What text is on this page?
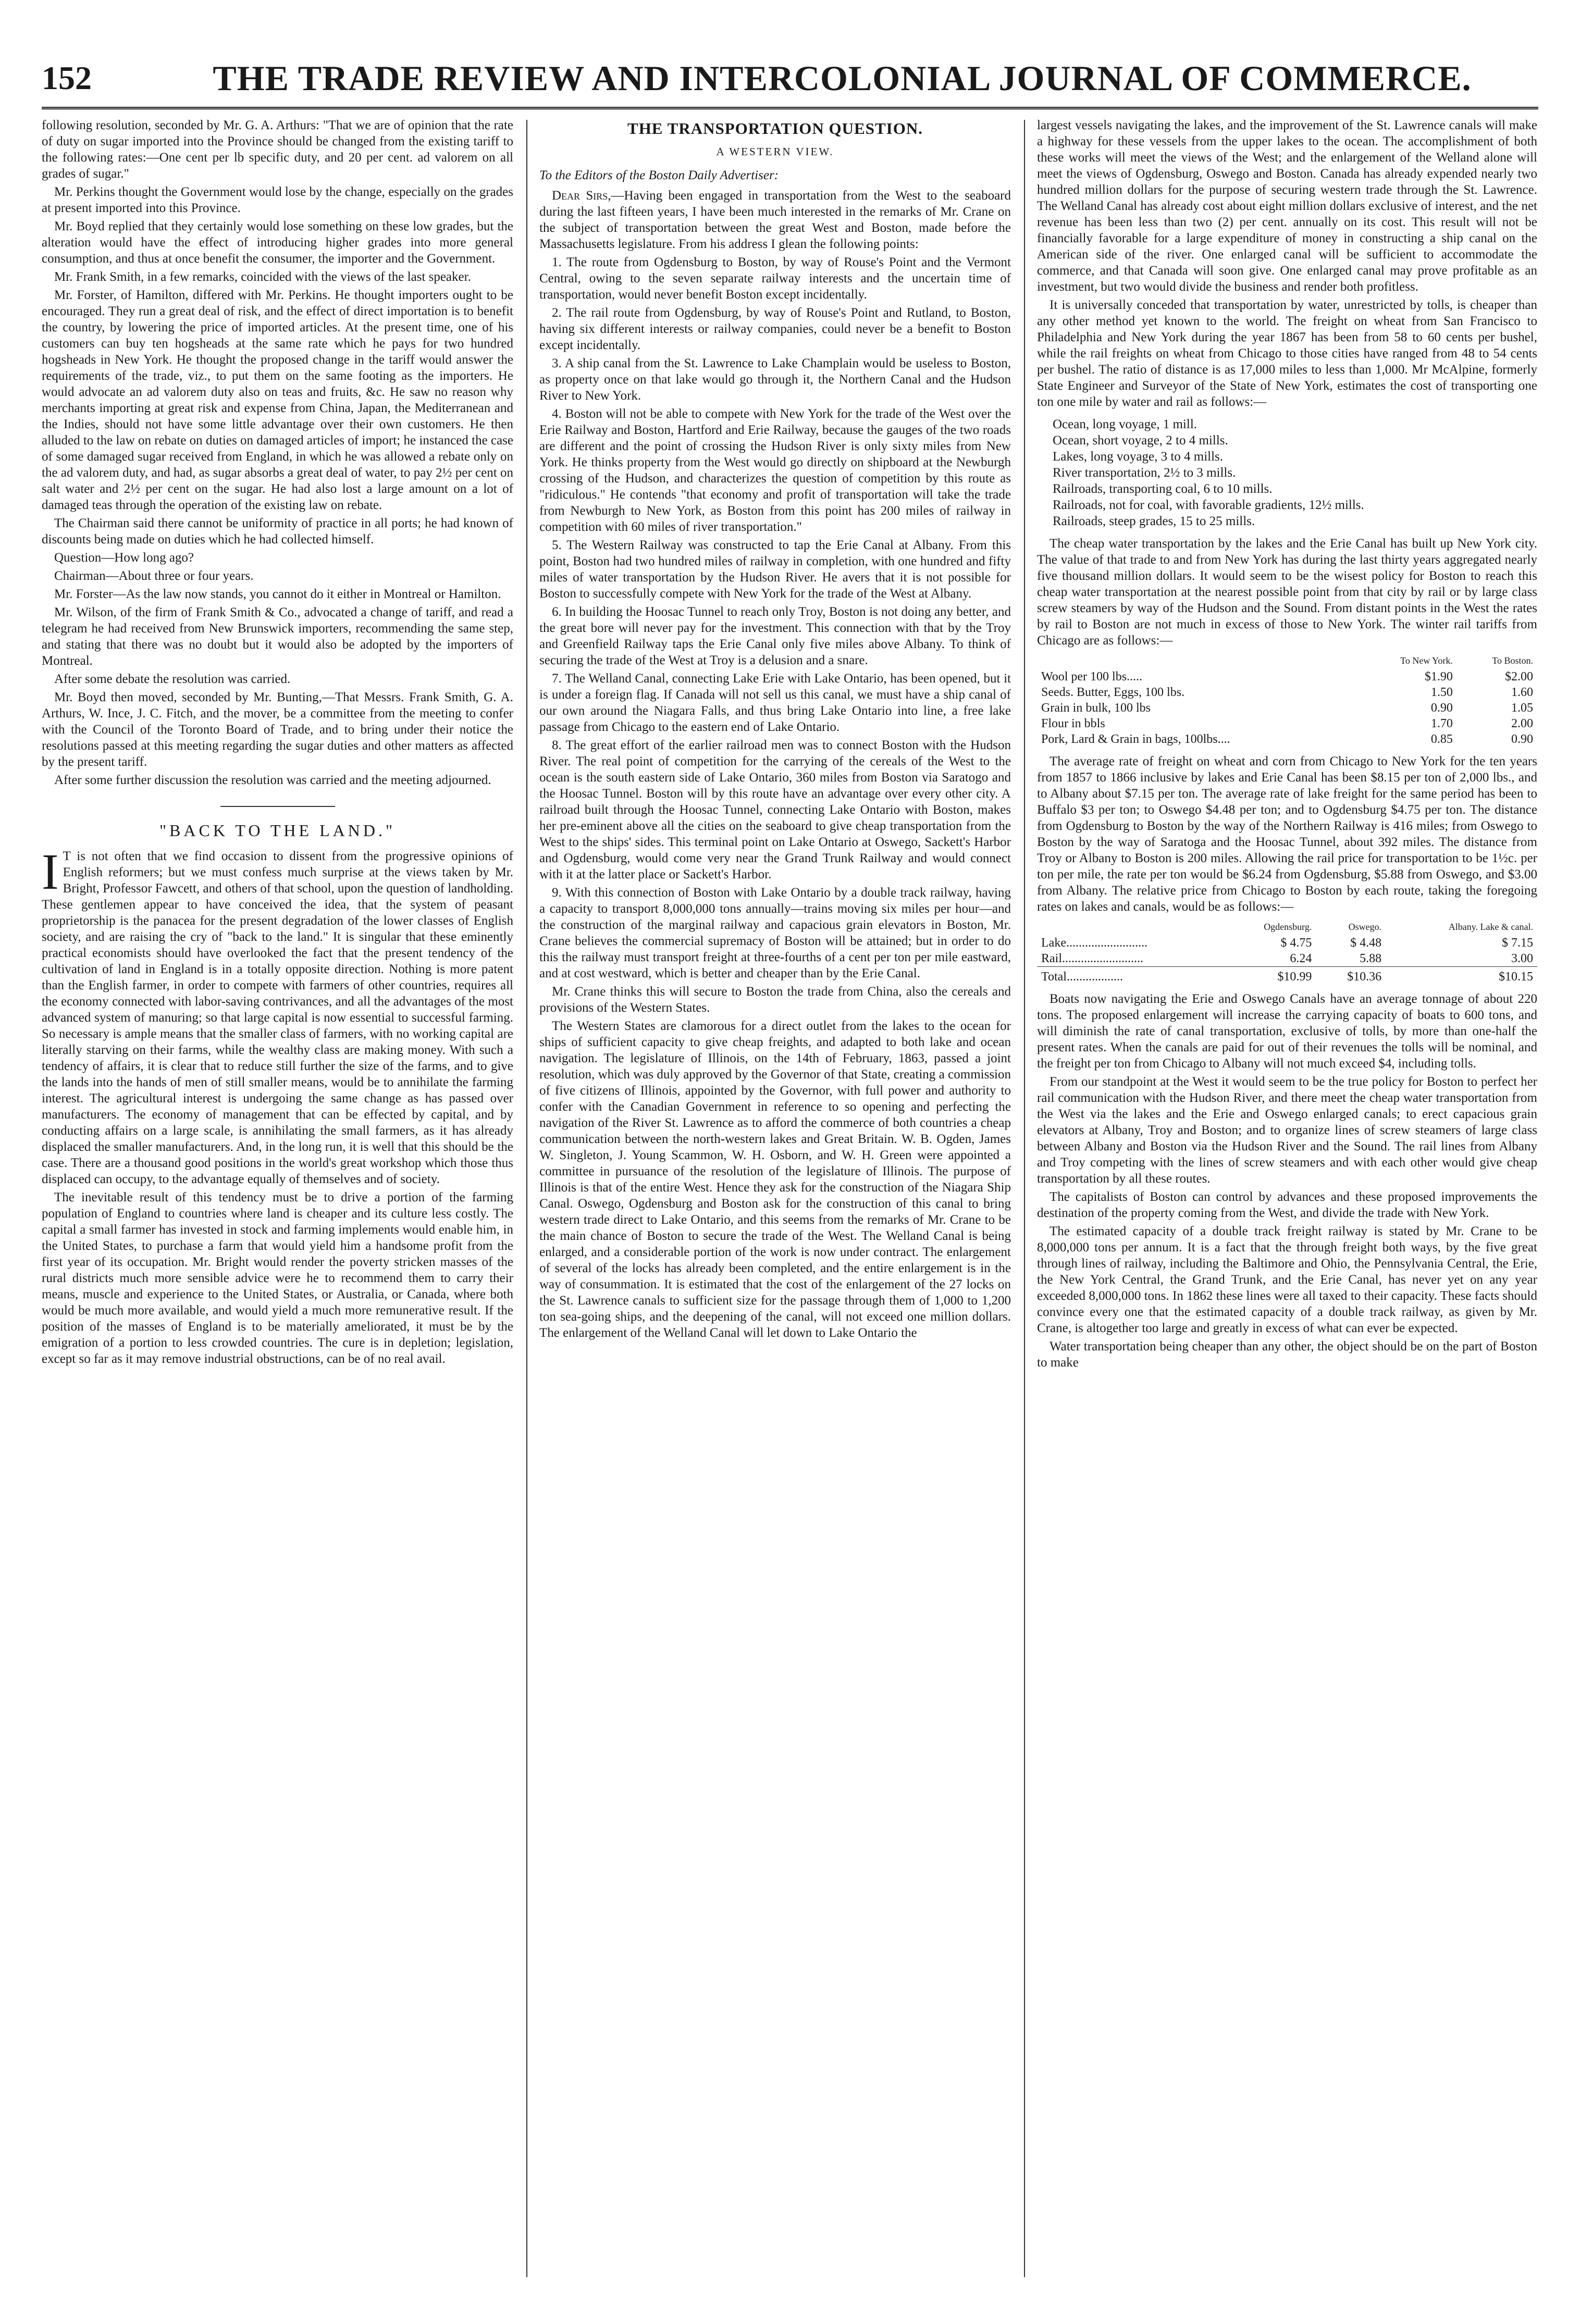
152	THE TRADE REVIEW AND INTERCOLONIAL JOURNAL OF COMMERCE.

following resolution, seconded by Mr. G. A. Arthurs: "That we are of opinion that the rate of duty on sugar imported into the Province should be changed from the existing tariff to the following rates:—One cent per lb specific duty, and 20 per cent. ad valorem on all grades of sugar."

Mr. Perkins thought the Government would lose by the change, especially on the grades at present imported into this Province.

Mr. Boyd replied that they certainly would lose something on these low grades, but the alteration would have the effect of introducing higher grades into more general consumption, and thus at once benefit the consumer, the importer and the Government.

Mr. Frank Smith, in a few remarks, coincided with the views of the last speaker.

Mr. Forster, of Hamilton, differed with Mr. Perkins. He thought importers ought to be encouraged. They run a great deal of risk, and the effect of direct importation is to benefit the country, by lowering the price of imported articles. At the present time, one of his customers can buy ten hogsheads at the same rate which he pays for two hundred hogsheads in New York. He thought the proposed change in the tariff would answer the requirements of the trade, viz., to put them on the same footing as the importers. He would advocate an ad valorem duty also on teas and fruits, &c. He saw no reason why merchants importing at great risk and expense from China, Japan, the Mediterranean and the Indies, should not have some little advantage over their own customers. He then alluded to the law on rebate on duties on damaged articles of import; he instanced the case of some damaged sugar received from England, in which he was allowed a rebate only on the ad valorem duty, and had, as sugar absorbs a great deal of water, to pay 2½ per cent on salt water and 2½ per cent on the sugar. He had also lost a large amount on a lot of damaged teas through the operation of the existing law on rebate.

The Chairman said there cannot be uniformity of practice in all ports; he had known of discounts being made on duties which he had collected himself.

Question—How long ago?

Chairman—About three or four years.

Mr. Forster—As the law now stands, you cannot do it either in Montreal or Hamilton.

Mr. Wilson, of the firm of Frank Smith & Co., advocated a change of tariff, and read a telegram he had received from New Brunswick importers, recommending the same step, and stating that there was no doubt but it would also be adopted by the importers of Montreal.

After some debate the resolution was carried.

Mr. Boyd then moved, seconded by Mr. Bunting,—That Messrs. Frank Smith, G. A. Arthurs, W. Ince, J. C. Fitch, and the mover, be a committee from the meeting to confer with the Council of the Toronto Board of Trade, and to bring under their notice the resolutions passed at this meeting regarding the sugar duties and other matters as affected by the present tariff.

After some further discussion the resolution was carried and the meeting adjourned.

"BACK TO THE LAND."

I T is not often that we find occasion to dissent from the progressive opinions of English reformers; but we must confess much surprise at the views taken by Mr. Bright, Professor Fawcett, and others of that school, upon the question of landholding. These gentlemen appear to have conceived the idea, that the system of peasant proprietorship is the panacea for the present degradation of the lower classes of English society, and are raising the cry of "back to the land." It is singular that these eminently practical economists should have overlooked the fact that the present tendency of the cultivation of land in England is in a totally opposite direction. Nothing is more patent than the English farmer, in order to compete with farmers of other countries, requires all the economy connected with labor-saving contrivances, and all the advantages of the most advanced system of manuring; so that large capital is now essential to successful farming. So necessary is ample means that the smaller class of farmers, with no working capital are literally starving on their farms, while the wealthy class are making money. With such a tendency of affairs, it is clear that to reduce still further the size of the farms, and to give the lands into the hands of men of still smaller means, would be to annihilate the farming interest. The agricultural interest is undergoing the same change as has passed over manufacturers. The economy of management that can be effected by capital, and by conducting affairs on a large scale, is annihilating the small farmers, as it has already displaced the smaller manufacturers. And, in the long run, it is well that this should be the case. There are a thousand good positions in the world's great workshop which those thus displaced can occupy, to the advantage equally of themselves and of society.

The inevitable result of this tendency must be to drive a portion of the farming population of England to countries where land is cheaper and its culture less costly. The capital a small farmer has invested in stock and farming implements would enable him, in the United States, to purchase a farm that would yield him a handsome profit from the first year of its occupation. Mr. Bright would render the poverty stricken masses of the rural districts much more sensible advice were he to recommend them to carry their means, muscle and experience to the United States, or Australia, or Canada, where both would be much more available, and would yield a much more remunerative result. If the position of the masses of England is to be materially ameliorated, it must be by the emigration of a portion to less crowded countries. The cure is in depletion; legislation, except so far as it may remove industrial obstructions, can be of no real avail.

THE TRANSPORTATION QUESTION.
A WESTERN VIEW.
To the Editors of the Boston Daily Advertiser:

Dear Sirs,—Having been engaged in transportation from the West to the seaboard during the last fifteen years, I have been much interested in the remarks of Mr. Crane on the subject of transportation between the great West and Boston, made before the Massachusetts legislature. From his address I glean the following points:

1. The route from Ogdensburg to Boston, by way of Rouse's Point and the Vermont Central, owing to the seven separate railway interests and the uncertain time of transportation, would never benefit Boston except incidentally.

2. The rail route from Ogdensburg, by way of Rouse's Point and Rutland, to Boston, having six different interests or railway companies, could never be a benefit to Boston except incidentally.

3. A ship canal from the St. Lawrence to Lake Champlain would be useless to Boston, as property once on that lake would go through it, the Northern Canal and the Hudson River to New York.

4. Boston will not be able to compete with New York for the trade of the West over the Erie Railway and Boston, Hartford and Erie Railway, because the gauges of the two roads are different and the point of crossing the Hudson River is only sixty miles from New York. He thinks property from the West would go directly on shipboard at the Newburgh crossing of the Hudson, and characterizes the question of competition by this route as "ridiculous." He contends "that economy and profit of transportation will take the trade from Newburgh to New York, as Boston from this point has 200 miles of railway in competition with 60 miles of river transportation."

5. The Western Railway was constructed to tap the Erie Canal at Albany. From this point, Boston had two hundred miles of railway in completion, with one hundred and fifty miles of water transportation by the Hudson River. He avers that it is not possible for Boston to successfully compete with New York for the trade of the West at Albany.

6. In building the Hoosac Tunnel to reach only Troy, Boston is not doing any better, and the great bore will never pay for the investment. This connection with that by the Troy and Greenfield Railway taps the Erie Canal only five miles above Albany. To think of securing the trade of the West at Troy is a delusion and a snare.

7. The Welland Canal, connecting Lake Erie with Lake Ontario, has been opened, but it is under a foreign flag. If Canada will not sell us this canal, we must have a ship canal of our own around the Niagara Falls, and thus bring Lake Ontario into line, a free lake passage from Chicago to the eastern end of Lake Ontario.

8. The great effort of the earlier railroad men was to connect Boston with the Hudson River. The real point of competition for the carrying of the cereals of the West to the ocean is the south eastern side of Lake Ontario, 360 miles from Boston via Saratogo and the Hoosac Tunnel. Boston will by this route have an advantage over every other city. A railroad built through the Hoosac Tunnel, connecting Lake Ontario with Boston, makes her pre-eminent above all the cities on the seaboard to give cheap transportation from the West to the ships' sides. This terminal point on Lake Ontario at Oswego, Sackett's Harbor and Ogdensburg, would come very near the Grand Trunk Railway and would connect with it at the latter place or Sackett's Harbor.

9. With this connection of Boston with Lake Ontario by a double track railway, having a capacity to transport 8,000,000 tons annually—trains moving six miles per hour—and the construction of the marginal railway and capacious grain elevators in Boston, Mr. Crane believes the commercial supremacy of Boston will be attained; but in order to do this the railway must transport freight at three-fourths of a cent per ton per mile eastward, and at cost westward, which is better and cheaper than by the Erie Canal.

Mr. Crane thinks this will secure to Boston the trade from China, also the cereals and provisions of the Western States.

The Western States are clamorous for a direct outlet from the lakes to the ocean for ships of sufficient capacity to give cheap freights, and adapted to both lake and ocean navigation. The legislature of Illinois, on the 14th of February, 1863, passed a joint resolution, which was duly approved by the Governor of that State, creating a commission of five citizens of Illinois, appointed by the Governor, with full power and authority to confer with the Canadian Government in reference to so opening and perfecting the navigation of the River St. Lawrence as to afford the commerce of both countries a cheap communication between the north-western lakes and Great Britain. W. B. Ogden, James W. Singleton, J. Young Scammon, W. H. Osborn, and W. H. Green were appointed a committee in pursuance of the resolution of the legislature of Illinois. The purpose of Illinois is that of the entire West. Hence they ask for the construction of the Niagara Ship Canal. Oswego, Ogdensburg and Boston ask for the construction of this canal to bring western trade direct to Lake Ontario, and this seems from the remarks of Mr. Crane to be the main chance of Boston to secure the trade of the West. The Welland Canal is being enlarged, and a considerable portion of the work is now under contract. The enlargement of several of the locks has already been completed, and the entire enlargement is in the way of consummation. It is estimated that the cost of the enlargement of the 27 locks on the St. Lawrence canals to sufficient size for the passage through them of 1,000 to 1,200 ton sea-going ships, and the deepening of the canal, will not exceed one million dollars. The enlargement of the Welland Canal will let down to Lake Ontario the

largest vessels navigating the lakes, and the improvement of the St. Lawrence canals will make a highway for these vessels from the upper lakes to the ocean. The accomplishment of both these works will meet the views of the West; and the enlargement of the Welland alone will meet the views of Ogdensburg, Oswego and Boston. Canada has already expended nearly two hundred million dollars for the purpose of securing western trade through the St. Lawrence. The Welland Canal has already cost about eight million dollars exclusive of interest, and the net revenue has been less than two (2) per cent. annually on its cost. This result will not be financially favorable for a large expenditure of money in constructing a ship canal on the American side of the river. One enlarged canal will be sufficient to accommodate the commerce, and that Canada will soon give. One enlarged canal may prove profitable as an investment, but two would divide the business and render both profitless.

It is universally conceded that transportation by water, unrestricted by tolls, is cheaper than any other method yet known to the world. The freight on wheat from San Francisco to Philadelphia and New York during the year 1867 has been from 58 to 60 cents per bushel, while the rail freights on wheat from Chicago to those cities have ranged from 48 to 54 cents per bushel. The ratio of distance is as 17,000 miles to less than 1,000. Mr McAlpine, formerly State Engineer and Surveyor of the State of New York, estimates the cost of transporting one ton one mile by water and rail as follows:—

Ocean, long voyage, 1 mill.
Ocean, short voyage, 2 to 4 mills.
Lakes, long voyage, 3 to 4 mills.
River transportation, 2½ to 3 mills.
Railroads, transporting coal, 6 to 10 mills.
Railroads, not for coal, with favorable gradients, 12½ mills.
Railroads, steep grades, 15 to 25 mills.

The cheap water transportation by the lakes and the Erie Canal has built up New York city. The value of that trade to and from New York has during the last thirty years aggregated nearly five thousand million dollars. It would seem to be the wisest policy for Boston to reach this cheap water transportation at the nearest possible point from that city by rail or by large class screw steamers by way of the Hudson and the Sound. From distant points in the West the rates by rail to Boston are not much in excess of those to New York. The winter rail tariffs from Chicago are as follows:—

	To New York.	To Boston.
Wool per 100 lbs.....	$1.90	$2.00
Seeds. Butter, Eggs, 100 lbs.	1.50	1.60
Grain in bulk, 100 lbs	0.90	1.05
Flour in bbls	1.70	2.00
Pork, Lard & Grain in bags, 100lbs....	0.85	0.90

The average rate of freight on wheat and corn from Chicago to New York for the ten years from 1857 to 1866 inclusive by lakes and Erie Canal has been $8.15 per ton of 2,000 lbs., and to Albany about $7.15 per ton. The average rate of lake freight for the same period has been to Buffalo $3 per ton; to Oswego $4.48 per ton; and to Ogdensburg $4.75 per ton. The distance from Ogdensburg to Boston by the way of the Northern Railway is 416 miles; from Oswego to Boston by the way of Saratoga and the Hoosac Tunnel, about 392 miles. The distance from Troy or Albany to Boston is 200 miles. Allowing the rail price for transportation to be 1½c. per ton per mile, the rate per ton would be $6.24 from Ogdensburg, $5.88 from Oswego, and $3.00 from Albany. The relative price from Chicago to Boston by each route, taking the foregoing rates on lakes and canals, would be as follows:—

	Ogdensburg.	Oswego.	Albany. Lake & canal.
Lake..........................	$ 4.75	$ 4.48	$ 7.15
Rail..........................	6.24	5.88	3.00
Total..................	$10.99	$10.36	$10.15

Boats now navigating the Erie and Oswego Canals have an average tonnage of about 220 tons. The proposed enlargement will increase the carrying capacity of boats to 600 tons, and will diminish the rate of canal transportation, exclusive of tolls, by more than one-half the present rates. When the canals are paid for out of their revenues the tolls will be nominal, and the freight per ton from Chicago to Albany will not much exceed $4, including tolls.

From our standpoint at the West it would seem to be the true policy for Boston to perfect her rail communication with the Hudson River, and there meet the cheap water transportation from the West via the lakes and the Erie and Oswego enlarged canals; to erect capacious grain elevators at Albany, Troy and Boston; and to organize lines of screw steamers of large class between Albany and Boston via the Hudson River and the Sound. The rail lines from Albany and Troy competing with the lines of screw steamers and with each other would give cheap transportation by all these routes.

The capitalists of Boston can control by advances and these proposed improvements the destination of the property coming from the West, and divide the trade with New York.

The estimated capacity of a double track freight railway is stated by Mr. Crane to be 8,000,000 tons per annum. It is a fact that the through freight both ways, by the five great through lines of railway, including the Baltimore and Ohio, the Pennsylvania Central, the Erie, the New York Central, the Grand Trunk, and the Erie Canal, has never yet on any year exceeded 8,000,000 tons. In 1862 these lines were all taxed to their capacity. These facts should convince every one that the estimated capacity of a double track railway, as given by Mr. Crane, is altogether too large and greatly in excess of what can ever be expected.

Water transportation being cheaper than any other, the object should be on the part of Boston to make
